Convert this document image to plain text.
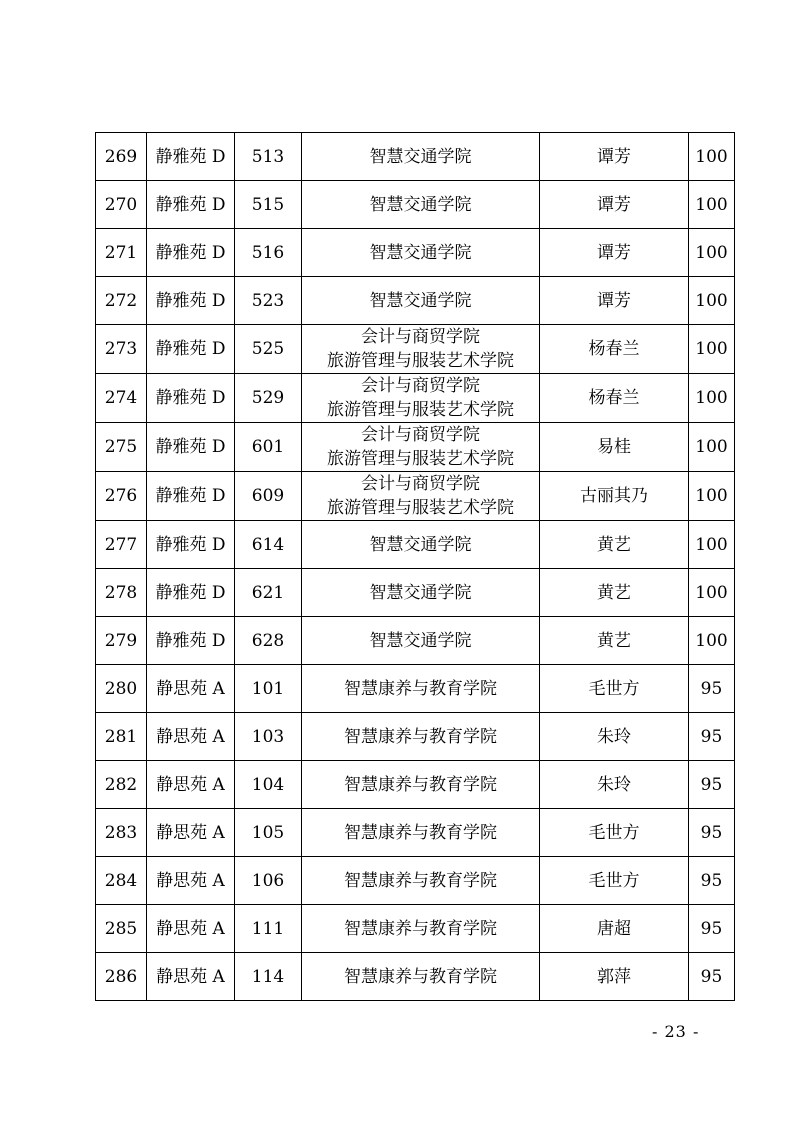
269	静雅苑 D	513	智慧交通学院	谭芳	100
270	静雅苑 D	515	智慧交通学院	谭芳	100
271	静雅苑 D	516	智慧交通学院	谭芳	100
272	静雅苑 D	523	智慧交通学院	谭芳	100
273	静雅苑 D	525	会计与商贸学院
旅游管理与服装艺术学院	杨春兰	100
274	静雅苑 D	529	会计与商贸学院
旅游管理与服装艺术学院	杨春兰	100
275	静雅苑 D	601	会计与商贸学院
旅游管理与服装艺术学院	易桂	100
276	静雅苑 D	609	会计与商贸学院
旅游管理与服装艺术学院	古丽其乃	100
277	静雅苑 D	614	智慧交通学院	黄艺	100
278	静雅苑 D	621	智慧交通学院	黄艺	100
279	静雅苑 D	628	智慧交通学院	黄艺	100
280	静思苑 A	101	智慧康养与教育学院	毛世方	95
281	静思苑 A	103	智慧康养与教育学院	朱玲	95
282	静思苑 A	104	智慧康养与教育学院	朱玲	95
283	静思苑 A	105	智慧康养与教育学院	毛世方	95
284	静思苑 A	106	智慧康养与教育学院	毛世方	95
285	静思苑 A	111	智慧康养与教育学院	唐超	95
286	静思苑 A	114	智慧康养与教育学院	郭萍	95
- 23 -
